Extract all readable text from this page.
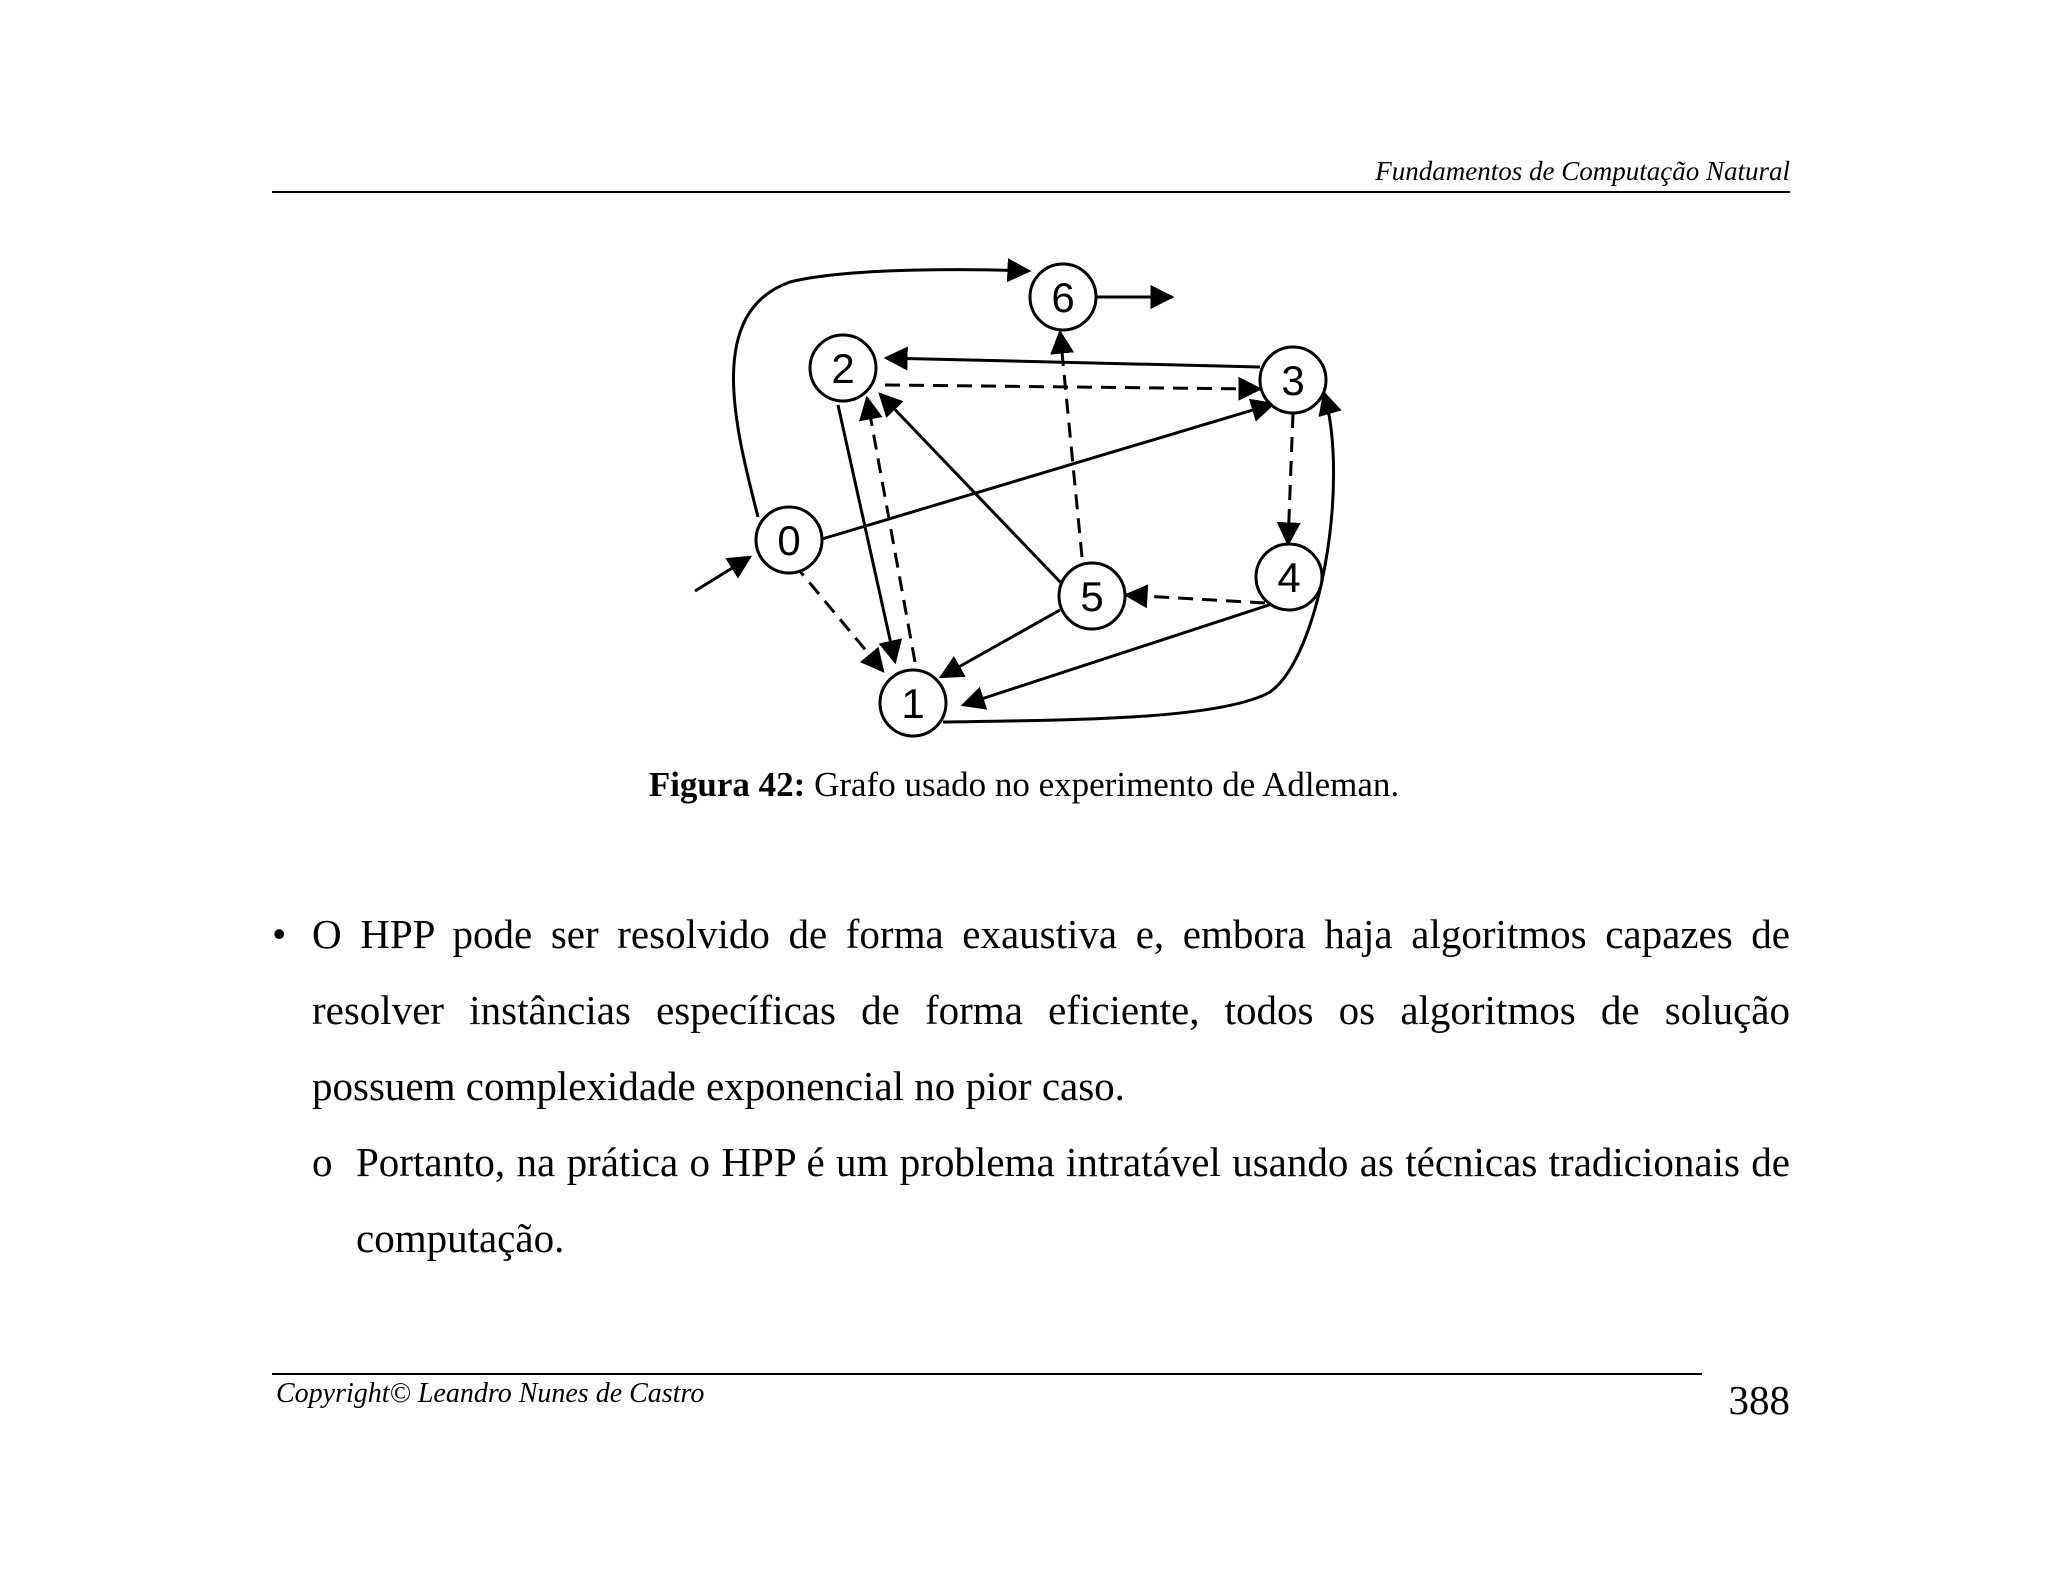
Fundamentos de Computação Natural
0
1
2	3
4
5
6
Figura 42: Grafo usado no experimento de Adleman.
• O HPP pode ser resolvido de forma exaustiva e, embora haja algoritmos capazes de resolver instâncias específicas de forma eficiente, todos os algoritmos de solução possuem complexidade exponencial no pior caso.
o Portanto, na prática o HPP é um problema intratável usando as técnicas tradicionais de computação.
Copyright© Leandro Nunes de Castro	388
